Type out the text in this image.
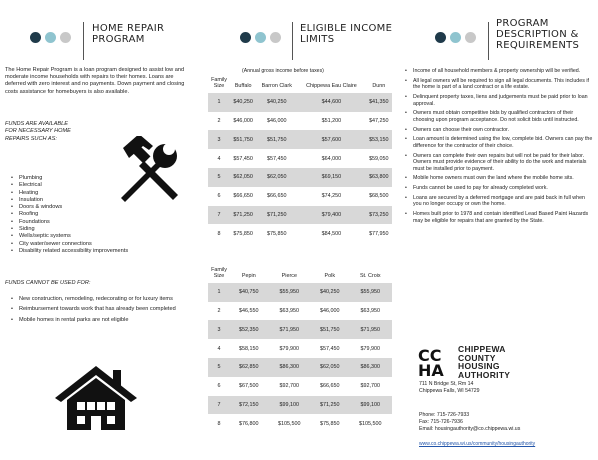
HOME REPAIR
PROGRAM

The Home Repair Program is a loan program designed to assist low and moderate income households with repairs to their homes. Loans are deferred with zero interest and no payments. Down payment and closing costs assistance for homebuyers is also available.

FUNDS ARE AVAILABLE
FOR NECESSARY HOME
REPAIRS SUCH AS:
• Plumbing
• Electrical
• Heating
• Insulation
• Doors & windows
• Roofing
• Foundations
• Siding
• Wells/septic systems
• City water/sewer connections
• Disability related accessibility improvements
FUNDS CANNOT BE USED FOR:
• New construction, remodeling, redecorating or for luxury items
• Reimbursement towards work that has already been completed
• Mobile homes in rental parks are not eligible
ELIGIBLE INCOME
LIMITS
(Annual gross income before taxes)
Family Size	Buffalo	Barron Clark	Chippewa Eau Claire	Dunn
1	$40,250	$40,250	$44,600	$41,350
2	$46,000	$46,000	$51,200	$47,250
3	$51,750	$51,750	$57,600	$53,150
4	$57,450	$57,450	$64,000	$59,050
5	$62,050	$62,050	$69,150	$63,800
6	$66,650	$66,650	$74,250	$68,500
7	$71,250	$71,250	$79,400	$73,250
8	$75,850	$75,850	$84,500	$77,950
Family Size	Pepin	Pierce	Polk	St. Croix
1	$40,750	$55,950	$40,250	$55,950
2	$46,550	$63,950	$46,000	$63,950
3	$52,350	$71,950	$51,750	$71,950
4	$58,150	$79,900	$57,450	$79,900
5	$62,850	$86,300	$62,050	$86,300
6	$67,500	$92,700	$66,650	$92,700
7	$72,150	$99,100	$71,250	$99,100
8	$76,800	$105,500	$75,850	$105,500
PROGRAM
DESCRIPTION &
REQUIREMENTS
• Income of all household members & property ownership will be verified.
• All legal owners will be required to sign all legal documents. This includes if the home is part of a land contract or a life estate.
• Delinquent property taxes, liens and judgements must be paid prior to loan approval.
• Owners must obtain competitive bids by qualified contractors of their choosing upon program acceptance. Do not solicit bids until instructed.
• Owners can choose their own contractor.
• Loan amount is determined using the low, complete bid. Owners can pay the difference for the contractor of their choice.
• Owners can complete their own repairs but will not be paid for their labor. Owners must provide evidence of their ability to do the work and materials must be installed prior to payment.
• Mobile home owners must own the land where the mobile home sits.
• Funds cannot be used to pay for already completed work.
• Loans are secured by a deferred mortgage and are paid back in full when you no longer occupy or own the home.
• Homes built prior to 1978 and contain identified Lead Based Paint Hazards may be eligible for repairs that are granted by the State.
CC
HA
CHIPPEWA
COUNTY
HOUSING
AUTHORITY
711 N Bridge St, Rm 14
Chippewa Falls, WI 54729
Phone: 715-726-7933
Fax: 715-726-7936
Email: housingauthority@co.chippewa.wi.us
www.co.chippewa.wi.us/community/housingauthority
